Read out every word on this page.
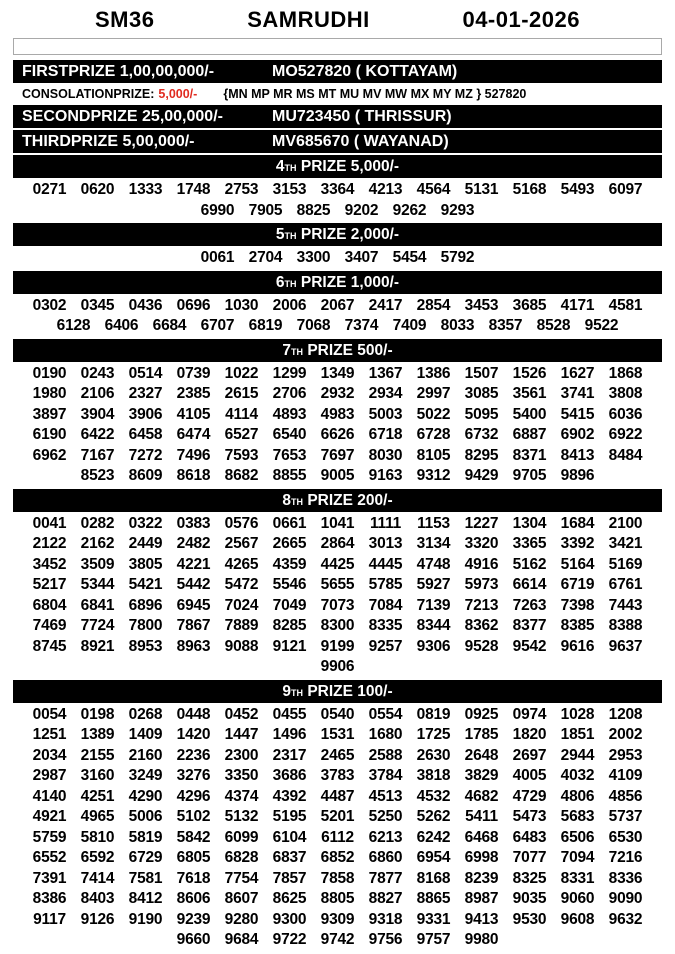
SM36	SAMRUDHI	04-01-2026
FIRSTPRIZE 1,00,00,000/-	MO527820 ( KOTTAYAM)
CONSOLATIONPRIZE: 5,000/- {MN MP MR MS MT MU MV MW MX MY MZ } 527820
SECONDPRIZE 25,00,000/-	MU723450 ( THRISSUR)
THIRDPRIZE 5,00,000/-	MV685670 ( WAYANAD)
4 TH PRIZE 5,000/-
0271 0620 1333 1748 2753 3153 3364 4213 4564 5131 5168 5493 6097
6990 7905 8825 9202 9262 9293
5 TH PRIZE 2,000/-
0061 2704 3300 3407 5454 5792
6 TH PRIZE 1,000/-
0302 0345 0436 0696 1030 2006 2067 2417 2854 3453 3685 4171 4581
6128 6406 6684 6707 6819 7068 7374 7409 8033 8357 8528 9522
7 TH PRIZE 500/-
0190 0243 0514 0739 1022 1299 1349 1367 1386 1507 1526 1627 1868
1980 2106 2327 2385 2615 2706 2932 2934 2997 3085 3561 3741 3808
3897 3904 3906 4105 4114 4893 4983 5003 5022 5095 5400 5415 6036
6190 6422 6458 6474 6527 6540 6626 6718 6728 6732 6887 6902 6922
6962 7167 7272 7496 7593 7653 7697 8030 8105 8295 8371 8413 8484
8523 8609 8618 8682 8855 9005 9163 9312 9429 9705 9896
8 TH PRIZE 200/-
0041 0282 0322 0383 0576 0661 1041 1111 1153 1227 1304 1684 2100
2122 2162 2449 2482 2567 2665 2864 3013 3134 3320 3365 3392 3421
3452 3509 3805 4221 4265 4359 4425 4445 4748 4916 5162 5164 5169
5217 5344 5421 5442 5472 5546 5655 5785 5927 5973 6614 6719 6761
6804 6841 6896 6945 7024 7049 7073 7084 7139 7213 7263 7398 7443
7469 7724 7800 7867 7889 8285 8300 8335 8344 8362 8377 8385 8388
8745 8921 8953 8963 9088 9121 9199 9257 9306 9528 9542 9616 9637
9906
9 TH PRIZE 100/-
0054 0198 0268 0448 0452 0455 0540 0554 0819 0925 0974 1028 1208
1251 1389 1409 1420 1447 1496 1531 1680 1725 1785 1820 1851 2002
2034 2155 2160 2236 2300 2317 2465 2588 2630 2648 2697 2944 2953
2987 3160 3249 3276 3350 3686 3783 3784 3818 3829 4005 4032 4109
4140 4251 4290 4296 4374 4392 4487 4513 4532 4682 4729 4806 4856
4921 4965 5006 5102 5132 5195 5201 5250 5262 5411 5473 5683 5737
5759 5810 5819 5842 6099 6104 6112 6213 6242 6468 6483 6506 6530
6552 6592 6729 6805 6828 6837 6852 6860 6954 6998 7077 7094 7216
7391 7414 7581 7618 7754 7857 7858 7877 8168 8239 8325 8331 8336
8386 8403 8412 8606 8607 8625 8805 8827 8865 8987 9035 9060 9090
9117 9126 9190 9239 9280 9300 9309 9318 9331 9413 9530 9608 9632
9660 9684 9722 9742 9756 9757 9980
